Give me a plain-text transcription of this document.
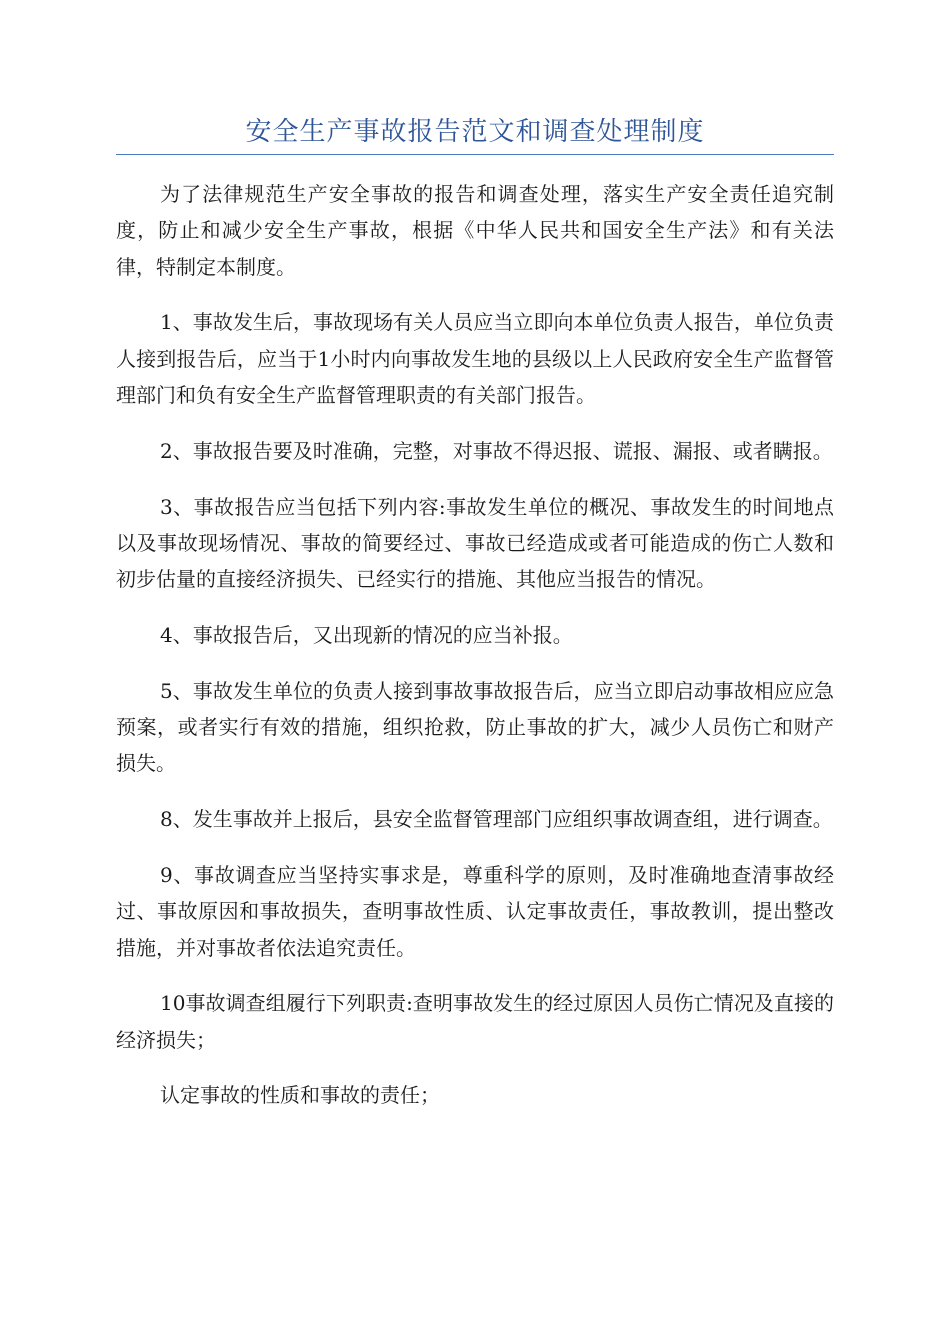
安全生产事故报告范文和调查处理制度

为了法律规范生产安全事故的报告和调查处理，落实生产安全责任追究制度，防止和减少安全生产事故，根据《中华人民共和国安全生产法》和有关法律，特制定本制度。

1、事故发生后，事故现场有关人员应当立即向本单位负责人报告，单位负责人接到报告后，应当于1小时内向事故发生地的县级以上人民政府安全生产监督管理部门和负有安全生产监督管理职责的有关部门报告。

2、事故报告要及时准确，完整，对事故不得迟报、谎报、漏报、或者瞒报。

3、事故报告应当包括下列内容:事故发生单位的概况、事故发生的时间地点以及事故现场情况、事故的简要经过、事故已经造成或者可能造成的伤亡人数和初步估量的直接经济损失、已经实行的措施、其他应当报告的情况。

4、事故报告后，又出现新的情况的应当补报。

5、事故发生单位的负责人接到事故事故报告后，应当立即启动事故相应应急预案，或者实行有效的措施，组织抢救，防止事故的扩大，减少人员伤亡和财产损失。

8、发生事故并上报后，县安全监督管理部门应组织事故调查组，进行调查。

9、事故调查应当坚持实事求是，尊重科学的原则，及时准确地查清事故经过、事故原因和事故损失，查明事故性质、认定事故责任，事故教训，提出整改措施，并对事故者依法追究责任。

10事故调查组履行下列职责:查明事故发生的经过原因人员伤亡情况及直接的经济损失；

认定事故的性质和事故的责任；
